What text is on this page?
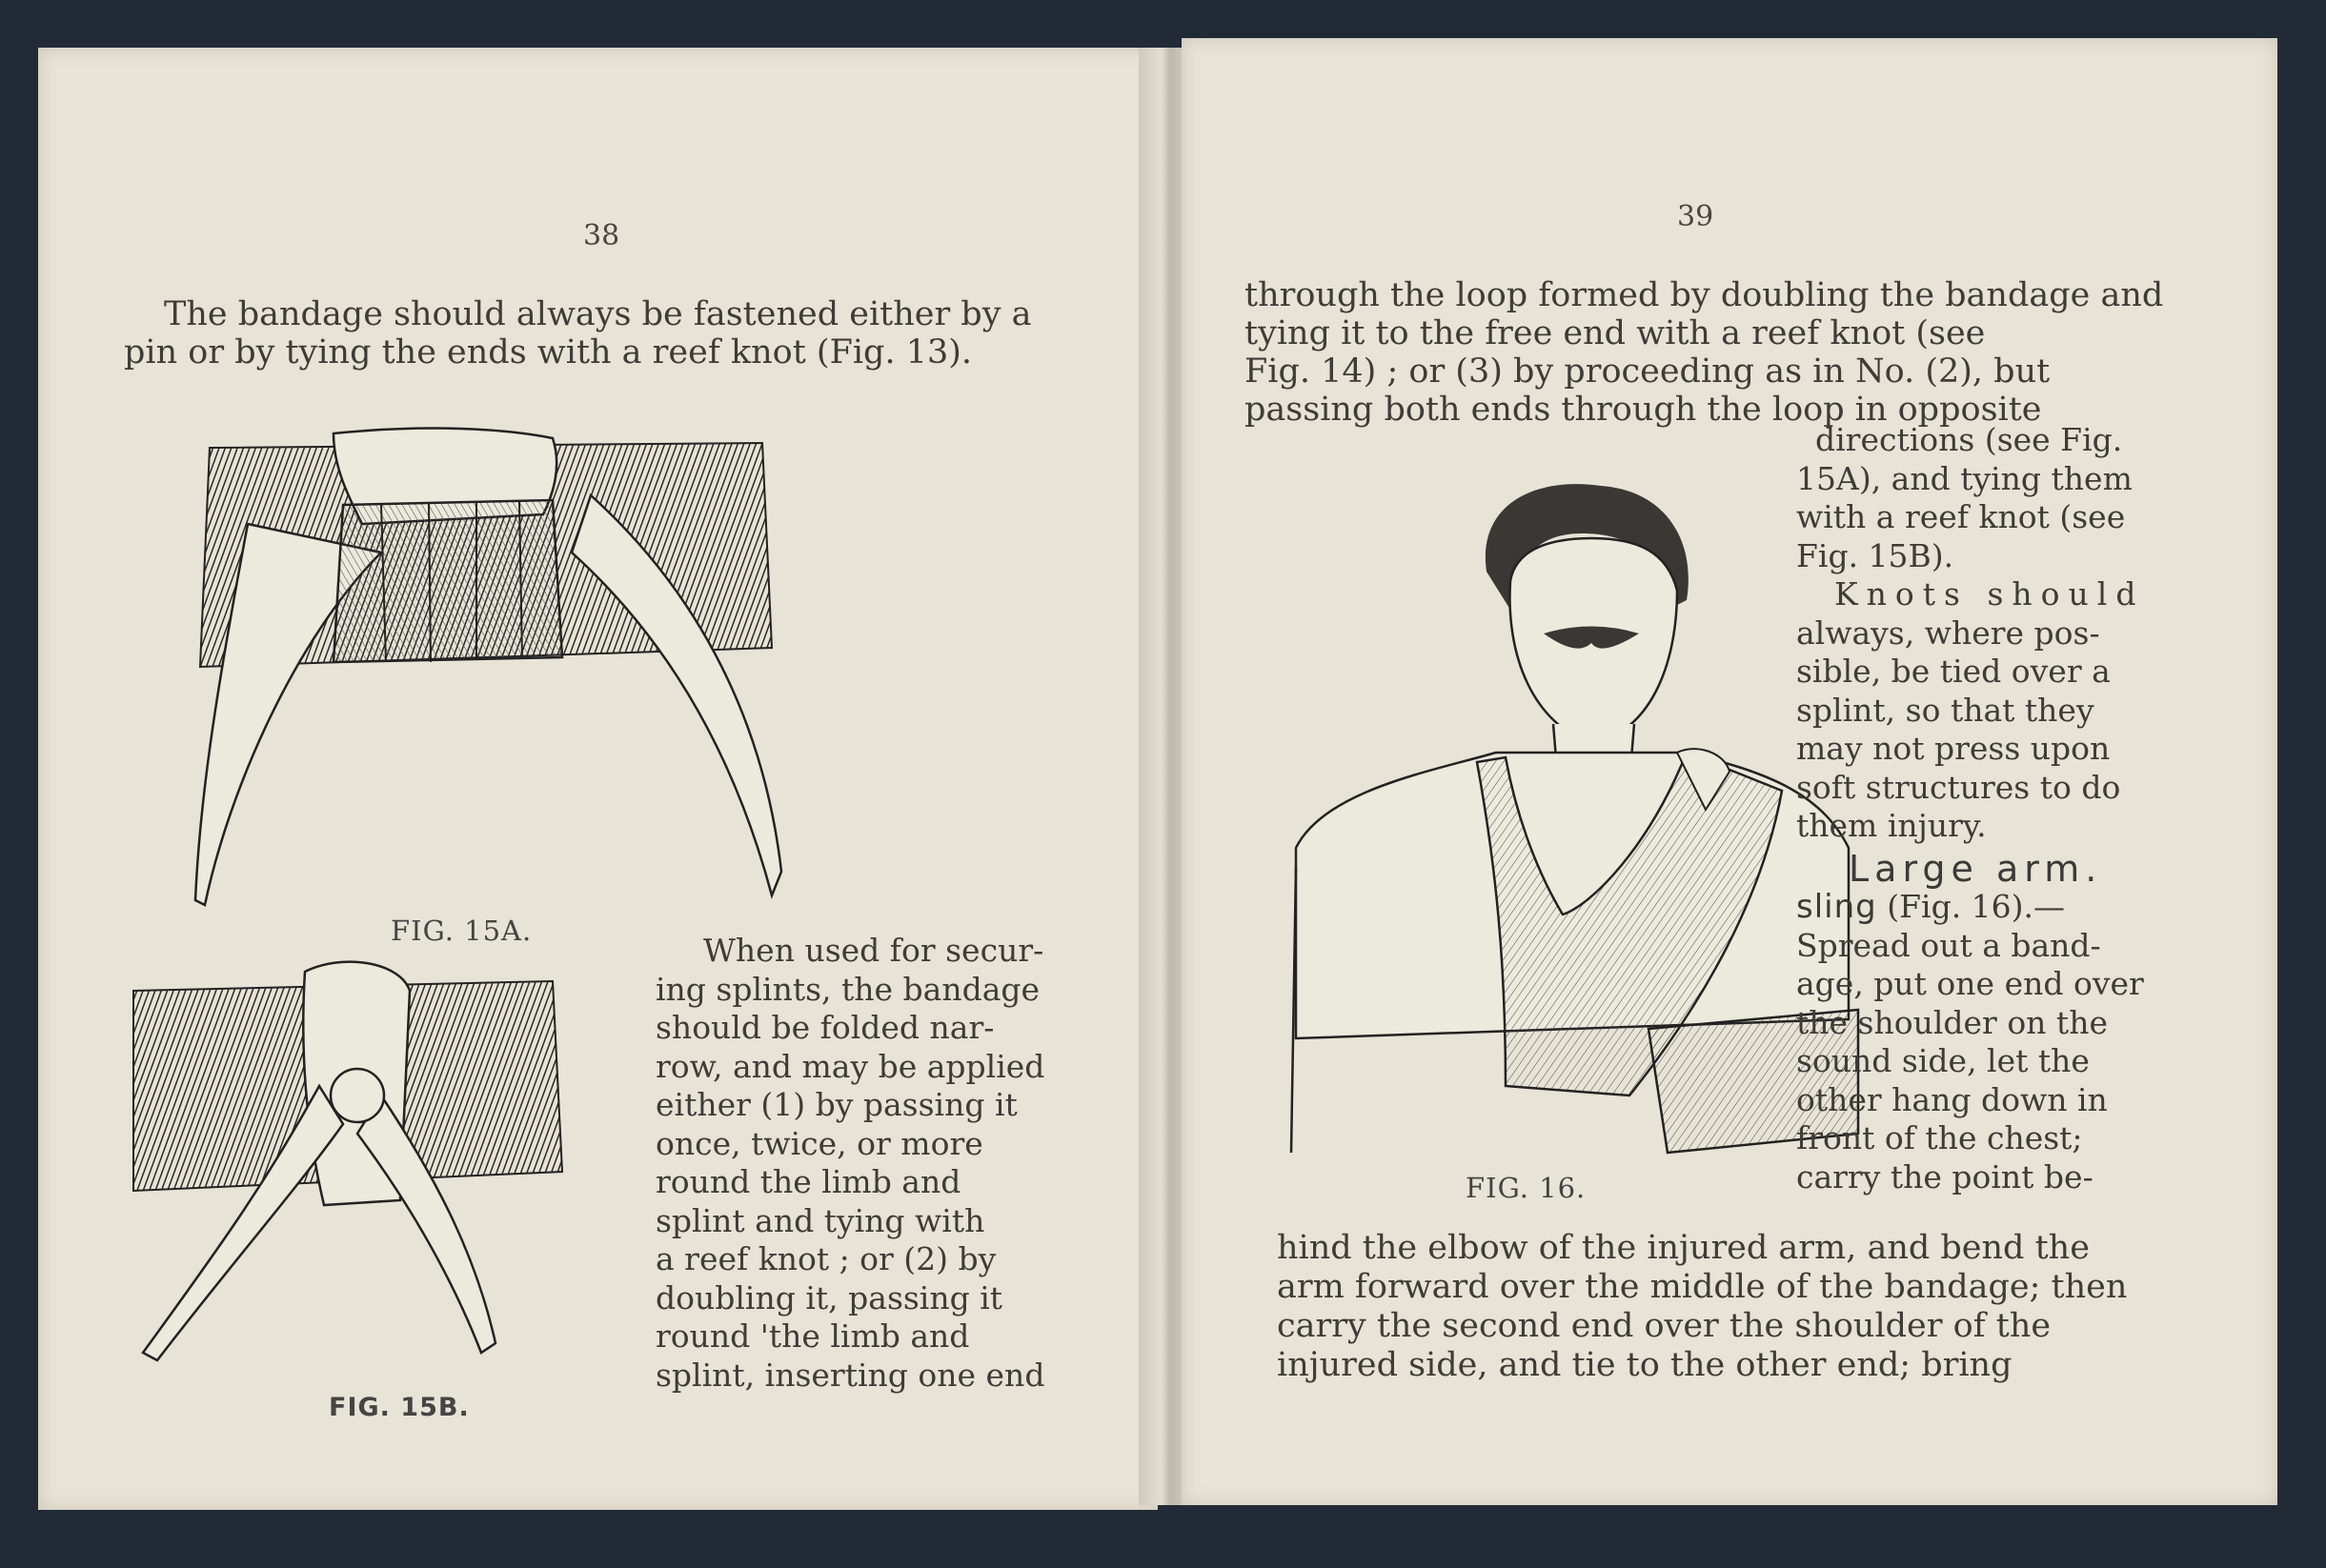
38

The bandage should always be fastened either by a

pin or by tying the ends with a reef knot (Fig. 13).

FIG. 15A.
FIG. 15B.

When used for secur-

ing splints, the bandage

should be folded nar-

row, and may be applied

either (1) by passing it

once, twice, or more

round the limb and

splint and tying with

a reef knot ; or (2) by

doubling it, passing it

round 'the limb and

splint, inserting one end

39

through the loop formed by doubling the bandage and

tying it to the free end with a reef knot (see

Fig. 14) ; or (3) by proceeding as in No. (2), but

passing both ends through the loop in opposite

FIG. 16.

directions (see Fig.

15A), and tying them

with a reef knot (see

Fig. 15B).

Knots should

always, where pos-

sible, be tied over a

splint, so that they

may not press upon

soft structures to do

them injury.

Large arm.

sling (Fig. 16).—

Spread out a band-

age, put one end over

the shoulder on the

sound side, let the

other hang down in

front of the chest;

carry the point be-

hind the elbow of the injured arm, and bend the

arm forward over the middle of the bandage; then

carry the second end over the shoulder of the

injured side, and tie to the other end; bring
